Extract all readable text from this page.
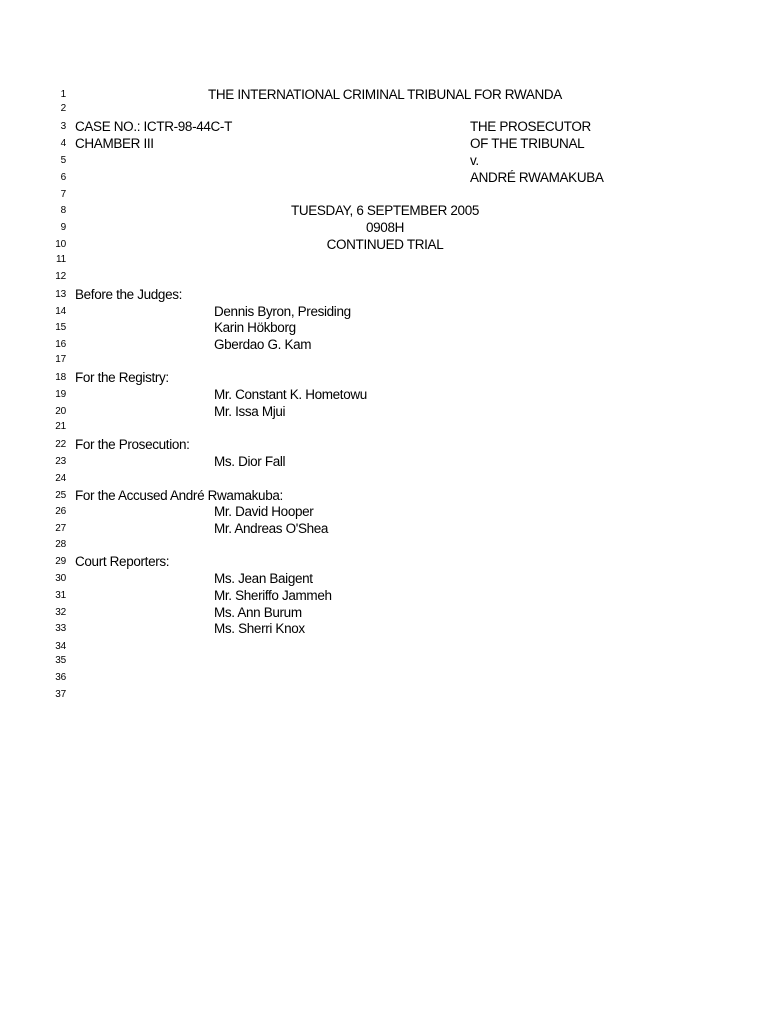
1	THE INTERNATIONAL CRIMINAL TRIBUNAL FOR RWANDA
2
3 CASE NO.: ICTR-98-44C-T	THE PROSECUTOR
4 CHAMBER III	OF THE TRIBUNAL
5	v.
6	ANDRÉ RWAMAKUBA
7
8	TUESDAY, 6 SEPTEMBER 2005
9	0908H
10	CONTINUED TRIAL
11
12
13 Before the Judges:
14	Dennis Byron, Presiding
15	Karin Hökborg
16	Gberdao G. Kam
17
18 For the Registry:
19	Mr. Constant K. Hometowu
20	Mr. Issa Mjui
21
22 For the Prosecution:
23	Ms. Dior Fall
24
25 For the Accused André Rwamakuba:
26	Mr. David Hooper
27	Mr. Andreas O'Shea
28
29 Court Reporters:
30	Ms. Jean Baigent
31	Mr. Sheriffo Jammeh
32	Ms. Ann Burum
33	Ms. Sherri Knox
34
35
36
37
